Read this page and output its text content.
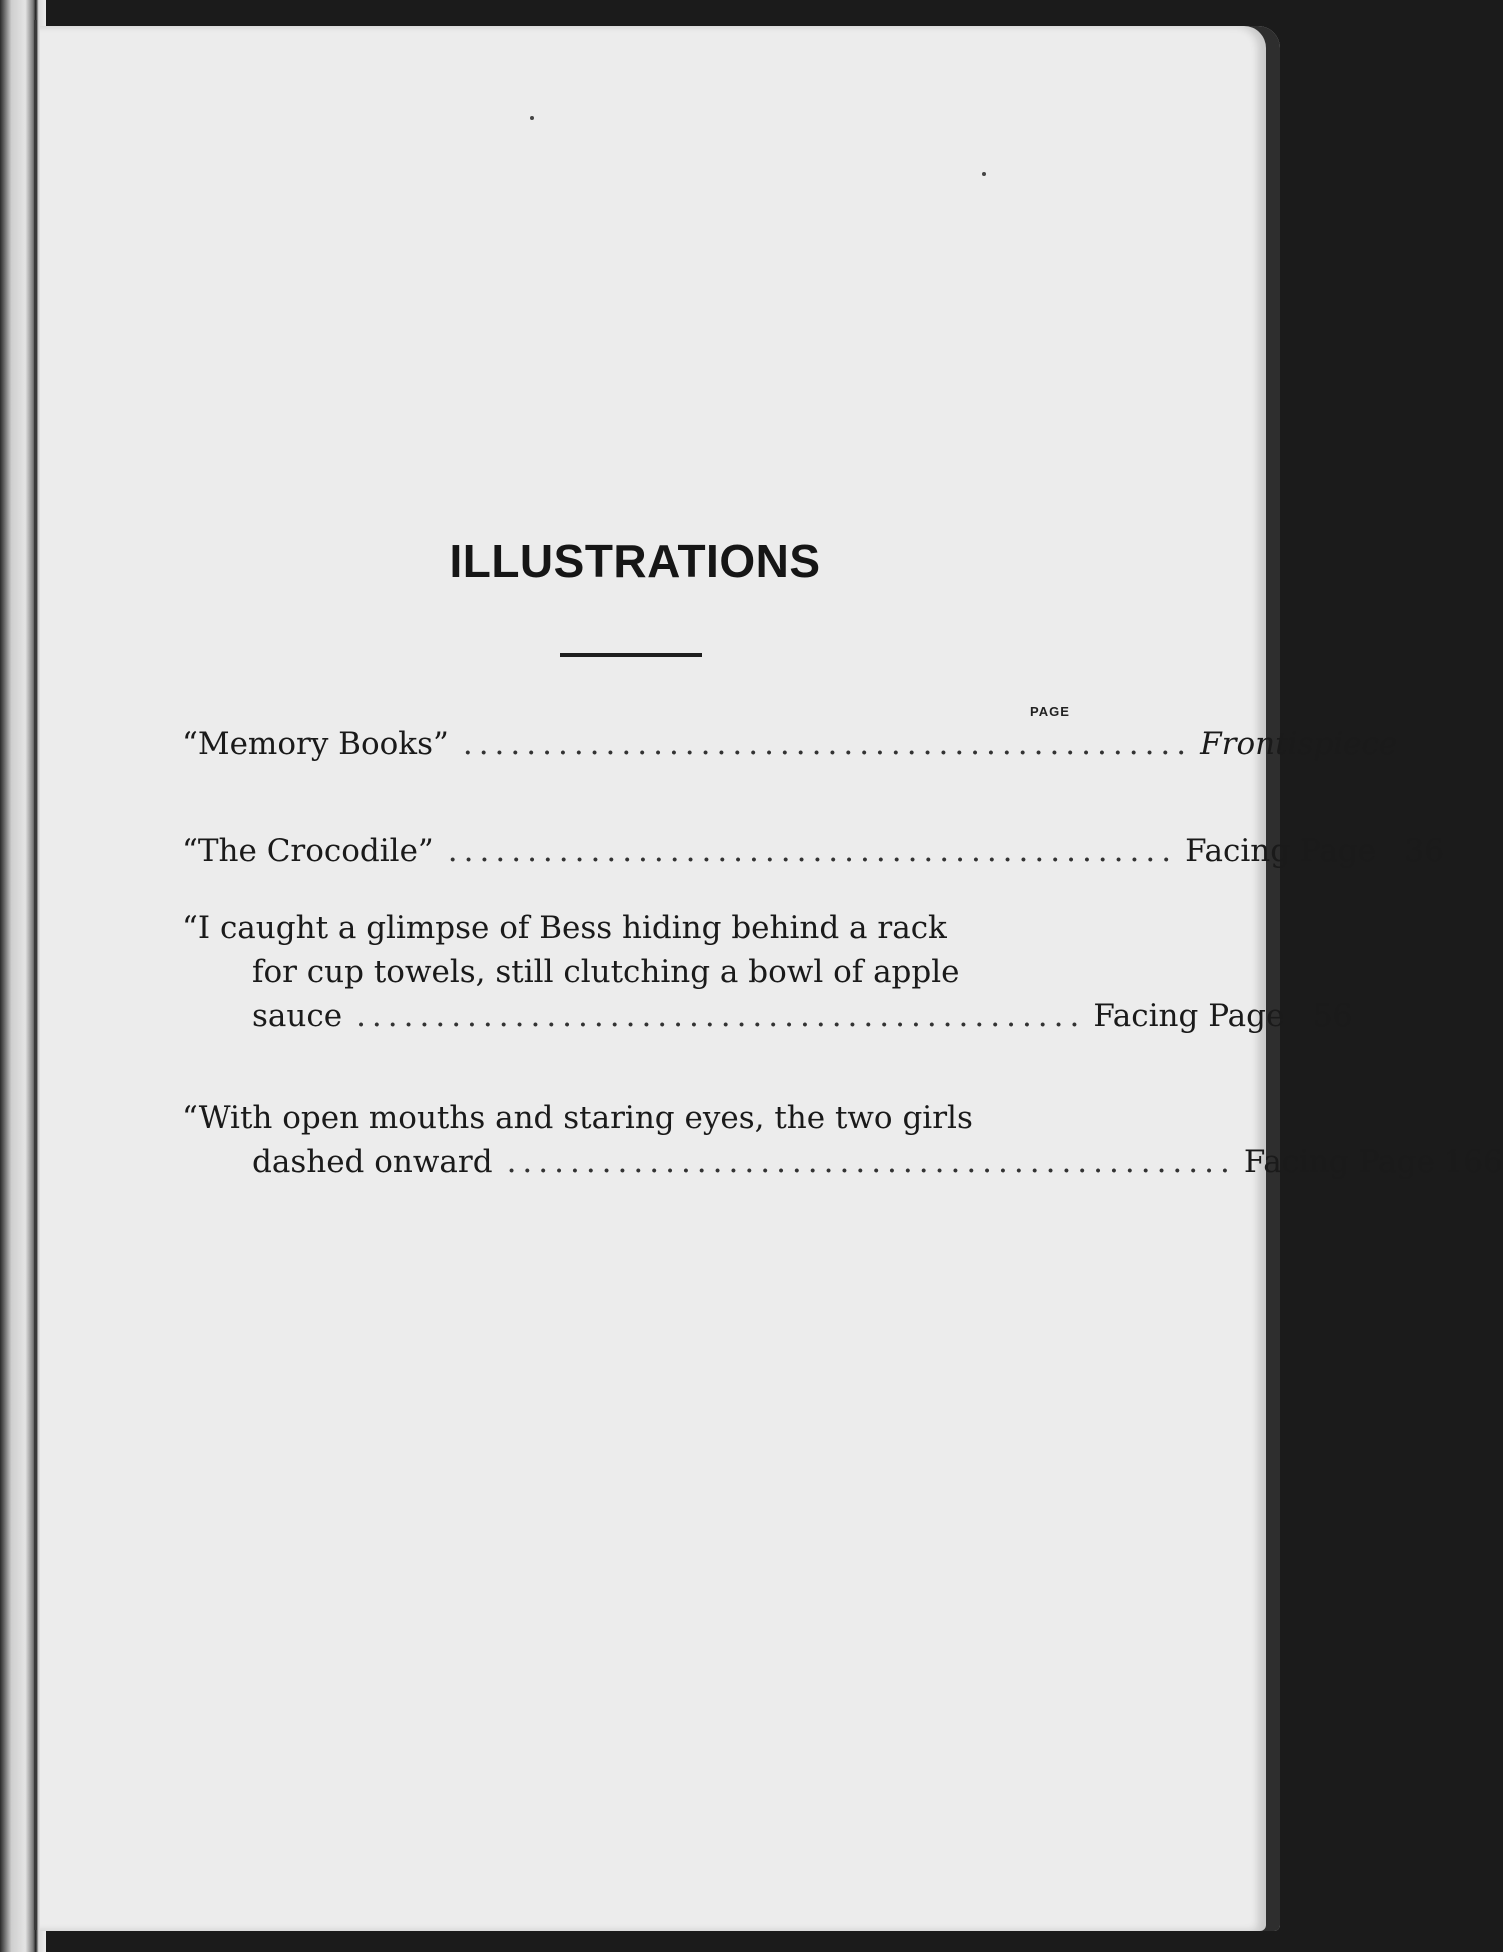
ILLUSTRATIONS
PAGE
“Memory Books” .............................................. Frontispiece
“The Crocodile” .............................................. Facing Page 36
“I caught a glimpse of Bess hiding behind a rack
for cup towels, still clutching a bowl of apple
sauce .............................................. Facing Page 56
“With open mouths and staring eyes, the two girls
dashed onward .............................................. Facing Page 166
